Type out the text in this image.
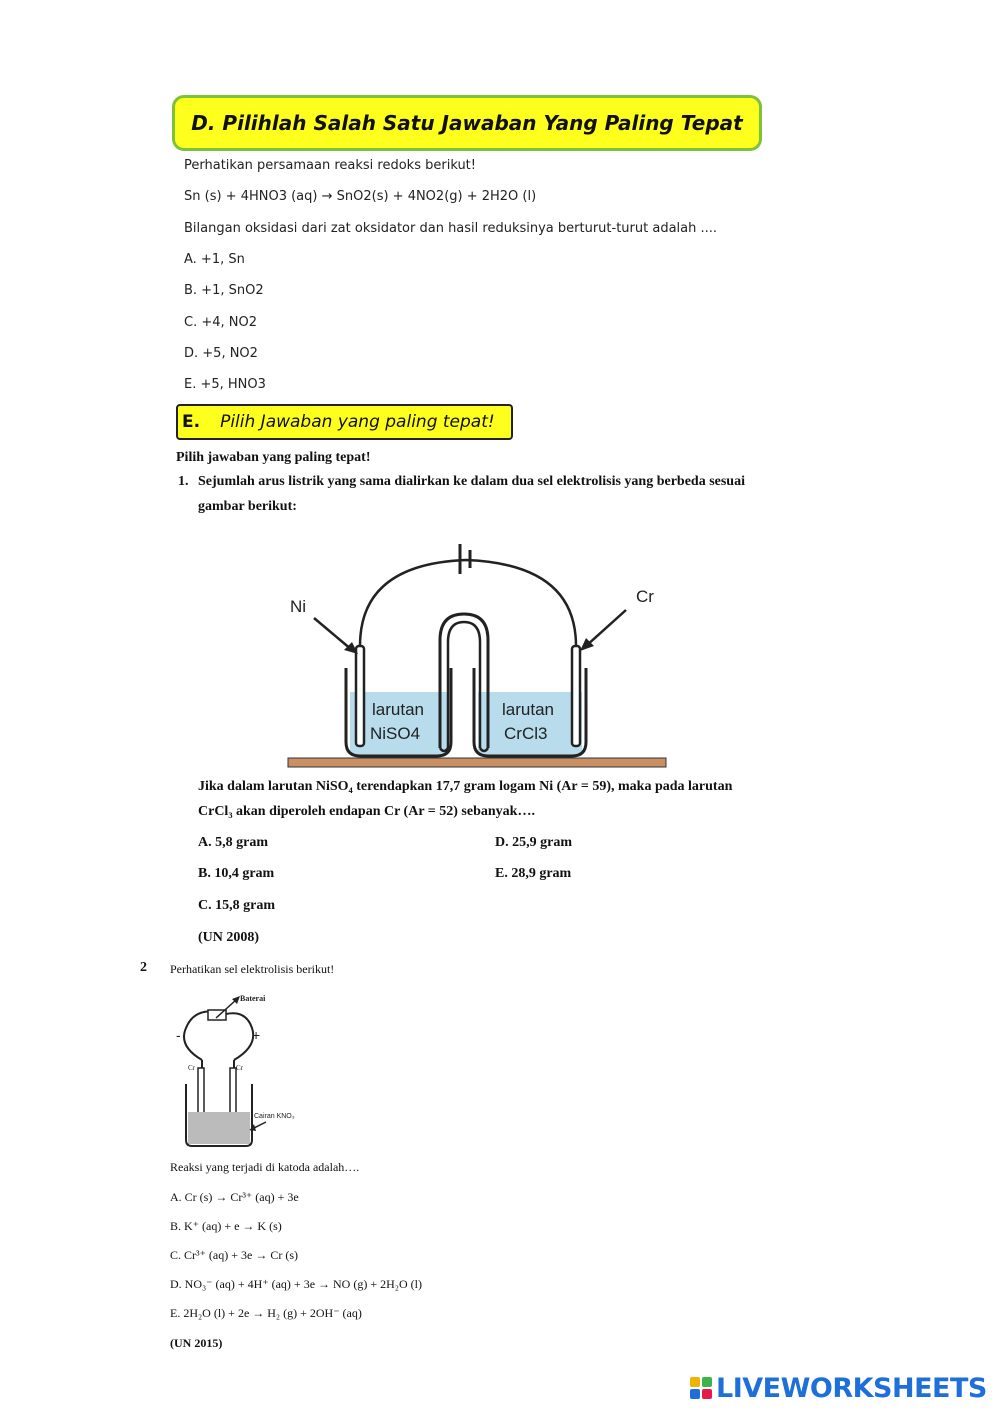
D. Pilihlah Salah Satu Jawaban Yang Paling Tepat
Perhatikan persamaan reaksi redoks berikut!
Sn (s) + 4HNO3 (aq) → SnO2(s) + 4NO2(g) + 2H2O (l)
Bilangan oksidasi dari zat oksidator dan hasil reduksinya berturut-turut adalah ....
A. +1, Sn
B. +1, SnO2
C. +4, NO2
D. +5, NO2
E. +5, HNO3
E. Pilih Jawaban yang paling tepat!
Pilih jawaban yang paling tepat!
1. Sejumlah arus listrik yang sama dialirkan ke dalam dua sel elektrolisis yang berbeda sesuai
gambar berikut:
Ni
Cr
larutan
NiSO4
larutan
CrCl3
Jika dalam larutan NiSO₄ terendapkan 17,7 gram logam Ni (Ar = 59), maka pada larutan
CrCl₃ akan diperoleh endapan Cr (Ar = 52) sebanyak….
A. 5,8 gram
B. 10,4 gram
C. 15,8 gram
D. 25,9 gram
E. 28,9 gram
(UN 2008)
2 Perhatikan sel elektrolisis berikut!
Baterai
-	+
Cr	Cr
Cairan KNO₃
Reaksi yang terjadi di katoda adalah….
A. Cr (s) → Cr³⁺ (aq) + 3e
B. K⁺ (aq) + e → K (s)
C. Cr³⁺ (aq) + 3e → Cr (s)
D. NO₃⁻ (aq) + 4H⁺ (aq) + 3e → NO (g) + 2H₂O (l)
E. 2H₂O (l) + 2e → H₂ (g) + 2OH⁻ (aq)
(UN 2015)
LIVEWORKSHEETS
